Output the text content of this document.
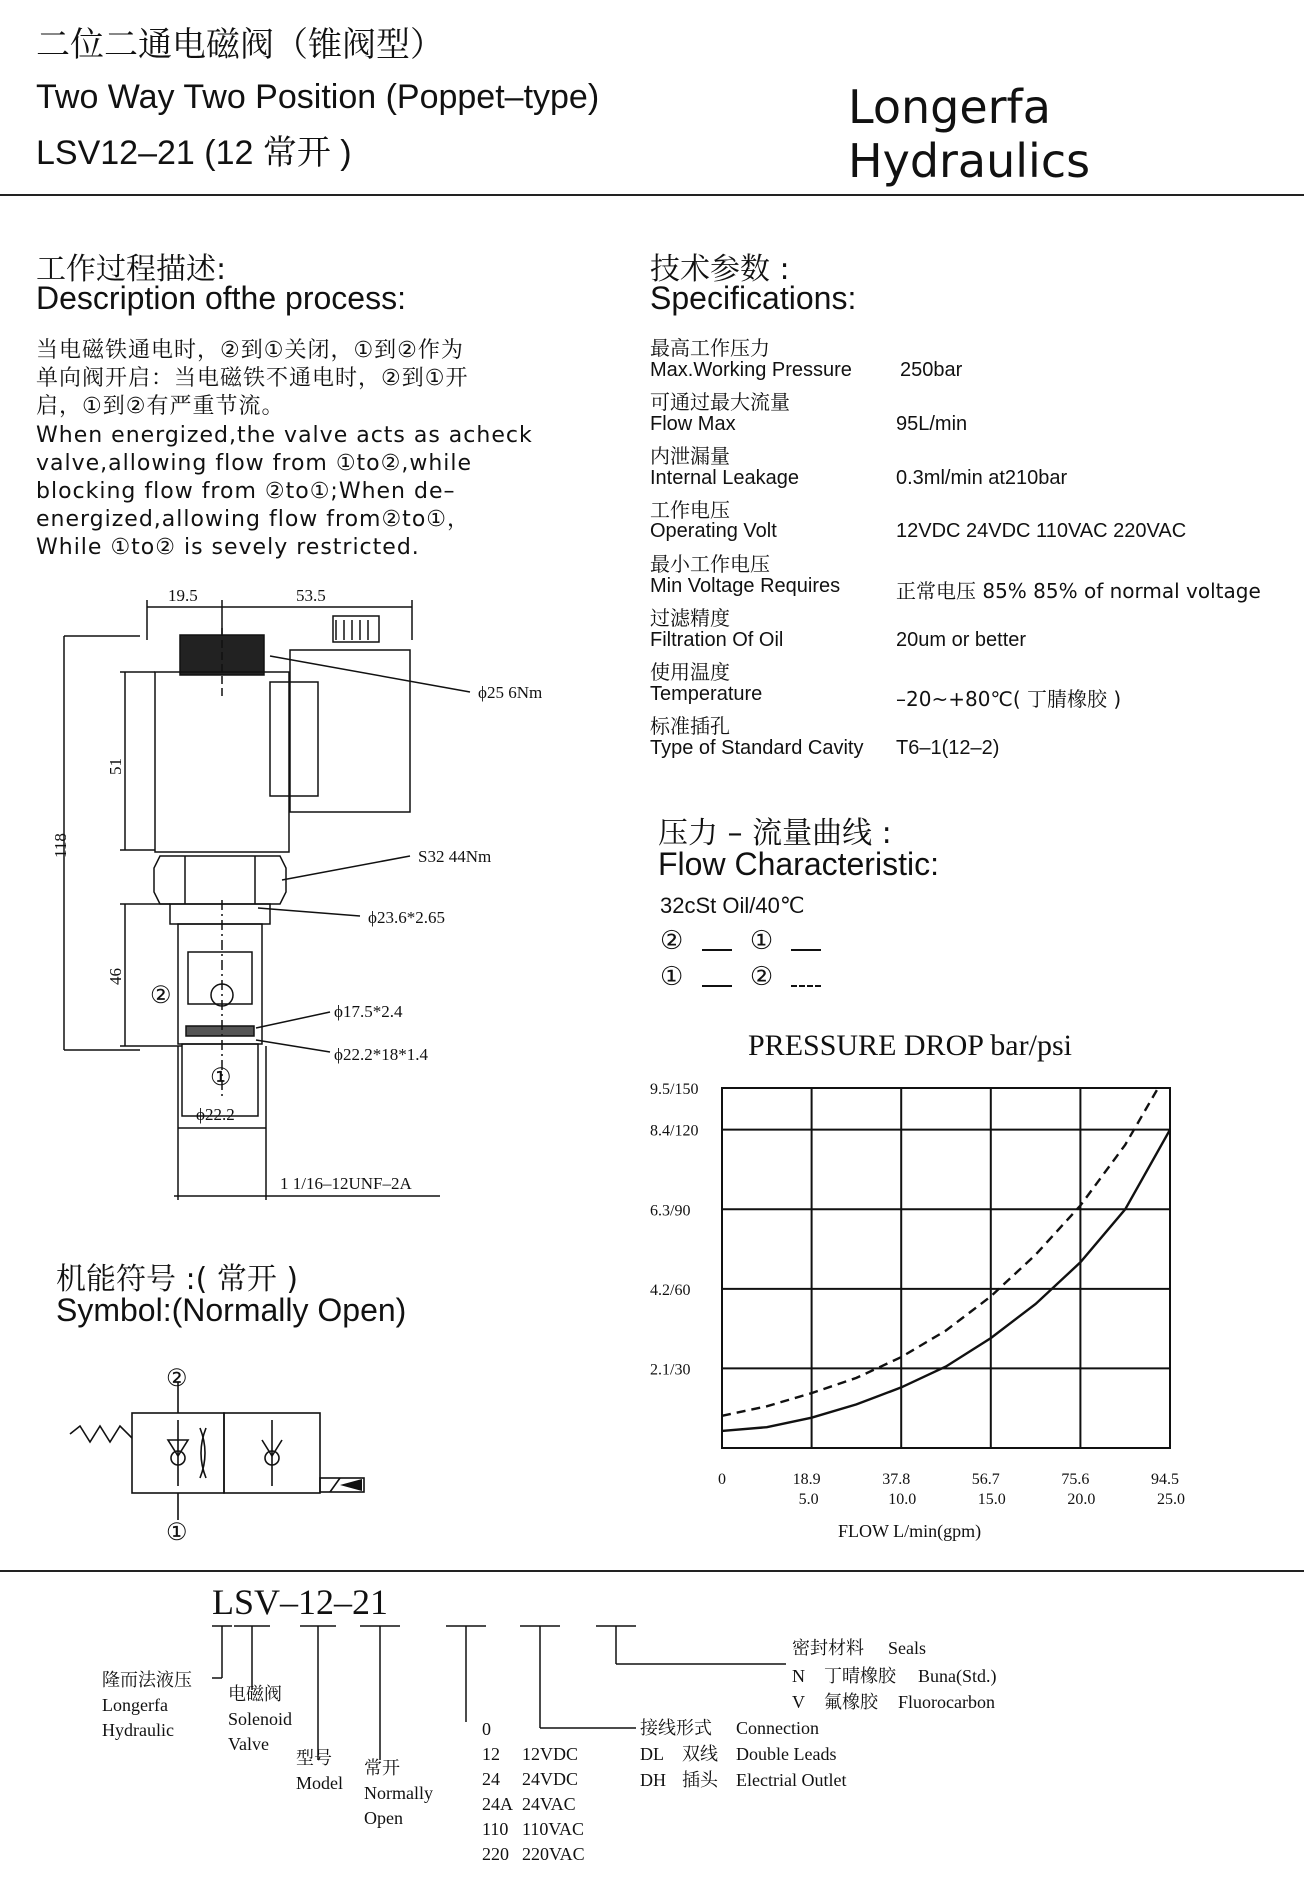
二位二通电磁阀（锥阀型）
Two Way Two Position (Poppet–type)
LSV12–21 (12 常开 )
Longerfa Hydraulics
工作过程描述:
Description ofthe process:
当电磁铁通电时，②到①关闭，①到②作为
单向阀开启：当电磁铁不通电时，②到①开
启，①到②有严重节流。
When energized,the valve acts as acheck
valve,allowing flow from ①to②,while
blocking flow from ②to①;When de–
energized,allowing flow from②to①，
While ①to② is sevely restricted.
技术参数 :
Specifications:
最高工作压力
Max.Working Pressure 250bar
可通过最大流量
Flow Max	95L/min
内泄漏量
Internal Leakage	0.3ml/min at210bar
工作电压
Operating Volt	12VDC 24VDC 110VAC 220VAC
最小工作电压
Min Voltage Requires	正常电压 85% 85% of normal voltage
过滤精度
Filtration Of Oil	20um or better
使用温度
Temperature	–20~+80℃( 丁腈橡胶 )
标准插孔
Type of Standard Cavity T6–1(12–2)
19.5	53.5
118
51
46
ϕ25 6Nm
S32 44Nm
ϕ23.6*2.65
ϕ17.5*2.4
ϕ22.2*18*1.4
ϕ22.2
1 1/16–12UNF–2A
②
①
机能符号 :( 常开 )
Symbol:(Normally Open)
②
①
压力 – 流量曲线 :
Flow Characteristic:
32cSt Oil/40℃
②	①
①	②
PRESSURE DROP bar/psi
FLOW L/min(gpm)
0	18.9
5.0
37.8
10.0
56.7
15.0
75.6
20.0
94.5
25.0
2.1/30
4.2/60
6.3/90
8.4/120
9.5/150
LSV–12–21
隆而法液压
Longerfa
Hydraulic
电磁阀
Solenoid
Valve
型号
Model
常开
Normally
Open
0
12 12VDC
24 24VDC
24A 24VAC
110 110VAC
220 220VAC
接线形式 Connection
DL 双线 Double Leads
DH 插头 Electrial Outlet
密封材料 Seals
N 丁晴橡胶 Buna(Std.)
V 氟橡胶 Fluorocarbon
